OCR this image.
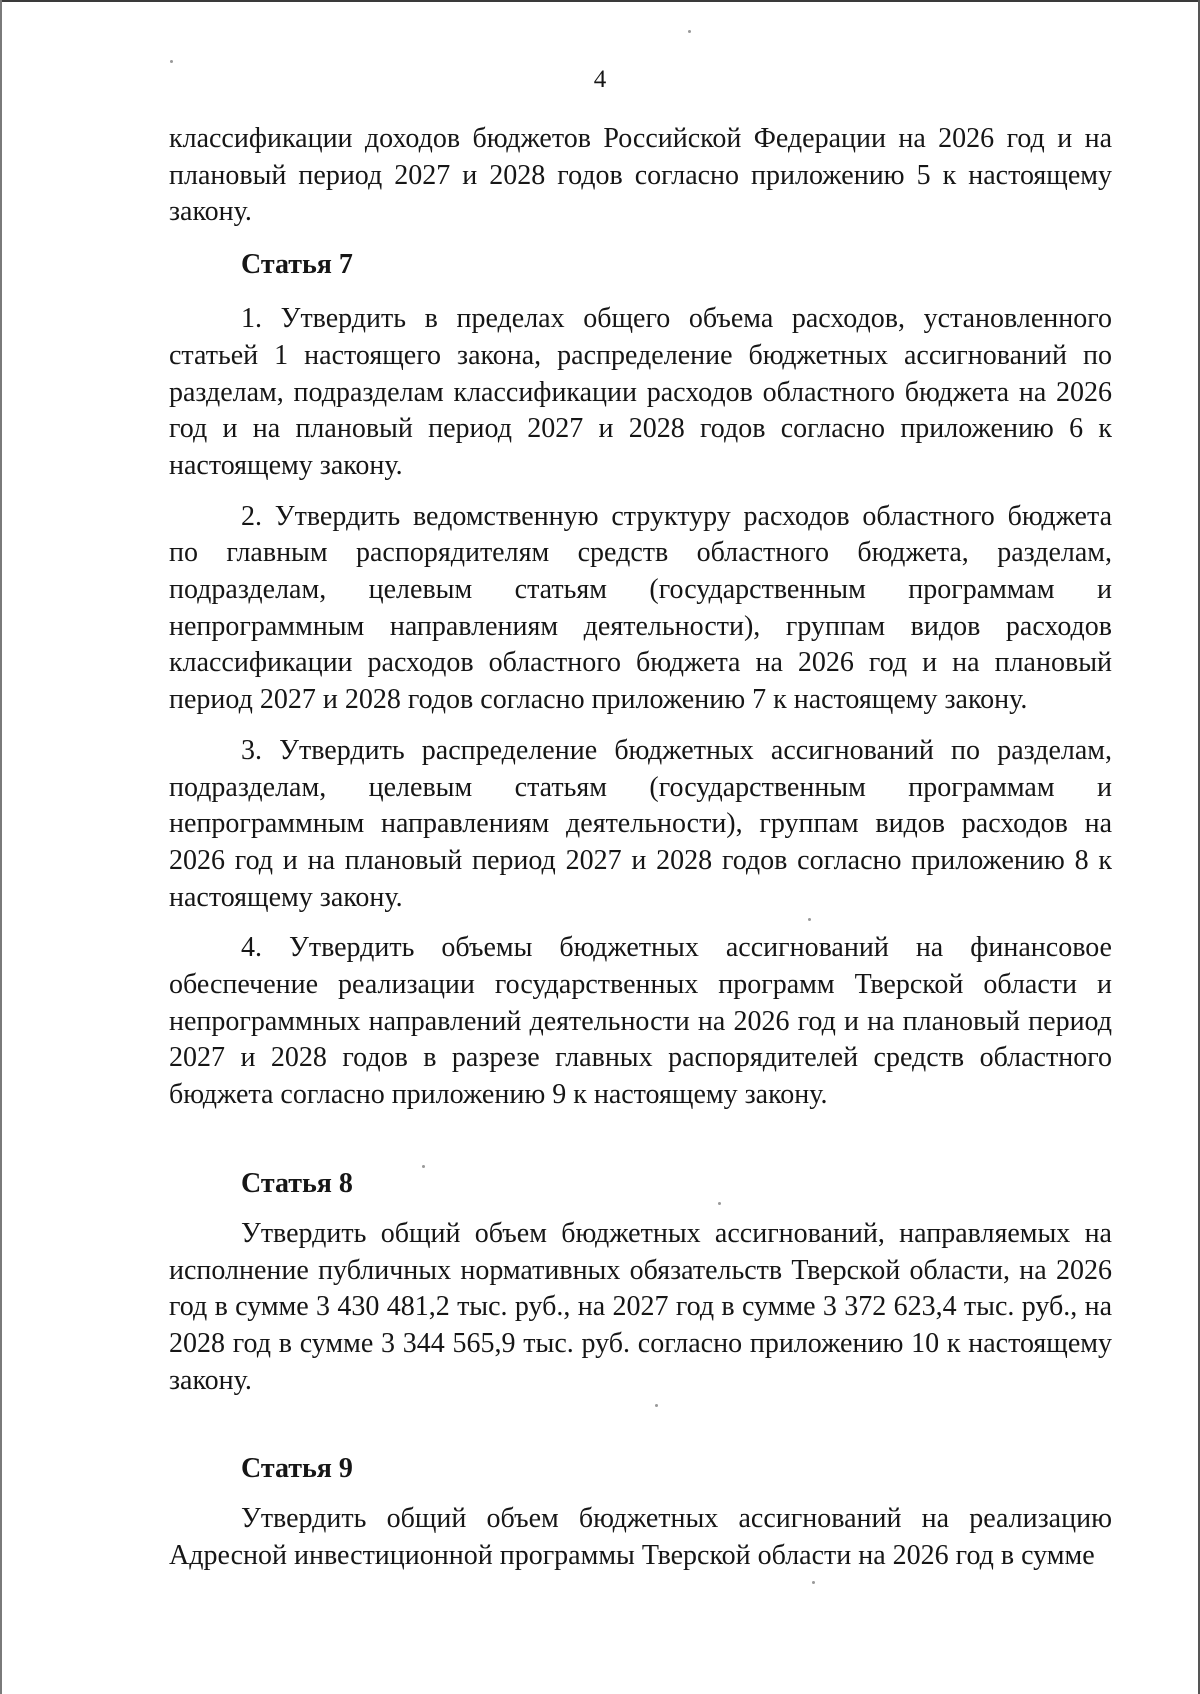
4

классификации доходов бюджетов Российской Федерации на 2026 год и на плановый период 2027 и 2028 годов согласно приложению 5 к настоящему закону.

Статья 7

1. Утвердить в пределах общего объема расходов, установленного статьей 1 настоящего закона, распределение бюджетных ассигнований по разделам, подразделам классификации расходов областного бюджета на 2026 год и на плановый период 2027 и 2028 годов согласно приложению 6 к настоящему закону.

2. Утвердить ведомственную структуру расходов областного бюджета по главным распорядителям средств областного бюджета, разделам, подразделам, целевым статьям (государственным программам и непрограммным направлениям деятельности), группам видов расходов классификации расходов областного бюджета на 2026 год и на плановый период 2027 и 2028 годов согласно приложению 7 к настоящему закону.

3. Утвердить распределение бюджетных ассигнований по разделам, подразделам, целевым статьям (государственным программам и непрограммным направлениям деятельности), группам видов расходов на 2026 год и на плановый период 2027 и 2028 годов согласно приложению 8 к настоящему закону.

4. Утвердить объемы бюджетных ассигнований на финансовое обеспечение реализации государственных программ Тверской области и непрограммных направлений деятельности на 2026 год и на плановый период 2027 и 2028 годов в разрезе главных распорядителей средств областного бюджета согласно приложению 9 к настоящему закону.

Статья 8

Утвердить общий объем бюджетных ассигнований, направляемых на исполнение публичных нормативных обязательств Тверской области, на 2026 год в сумме 3 430 481,2 тыс. руб., на 2027 год в сумме 3 372 623,4 тыс. руб., на 2028 год в сумме 3 344 565,9 тыс. руб. согласно приложению 10 к настоящему закону.

Статья 9

Утвердить общий объем бюджетных ассигнований на реализацию Адресной инвестиционной программы Тверской области на 2026 год в сумме
